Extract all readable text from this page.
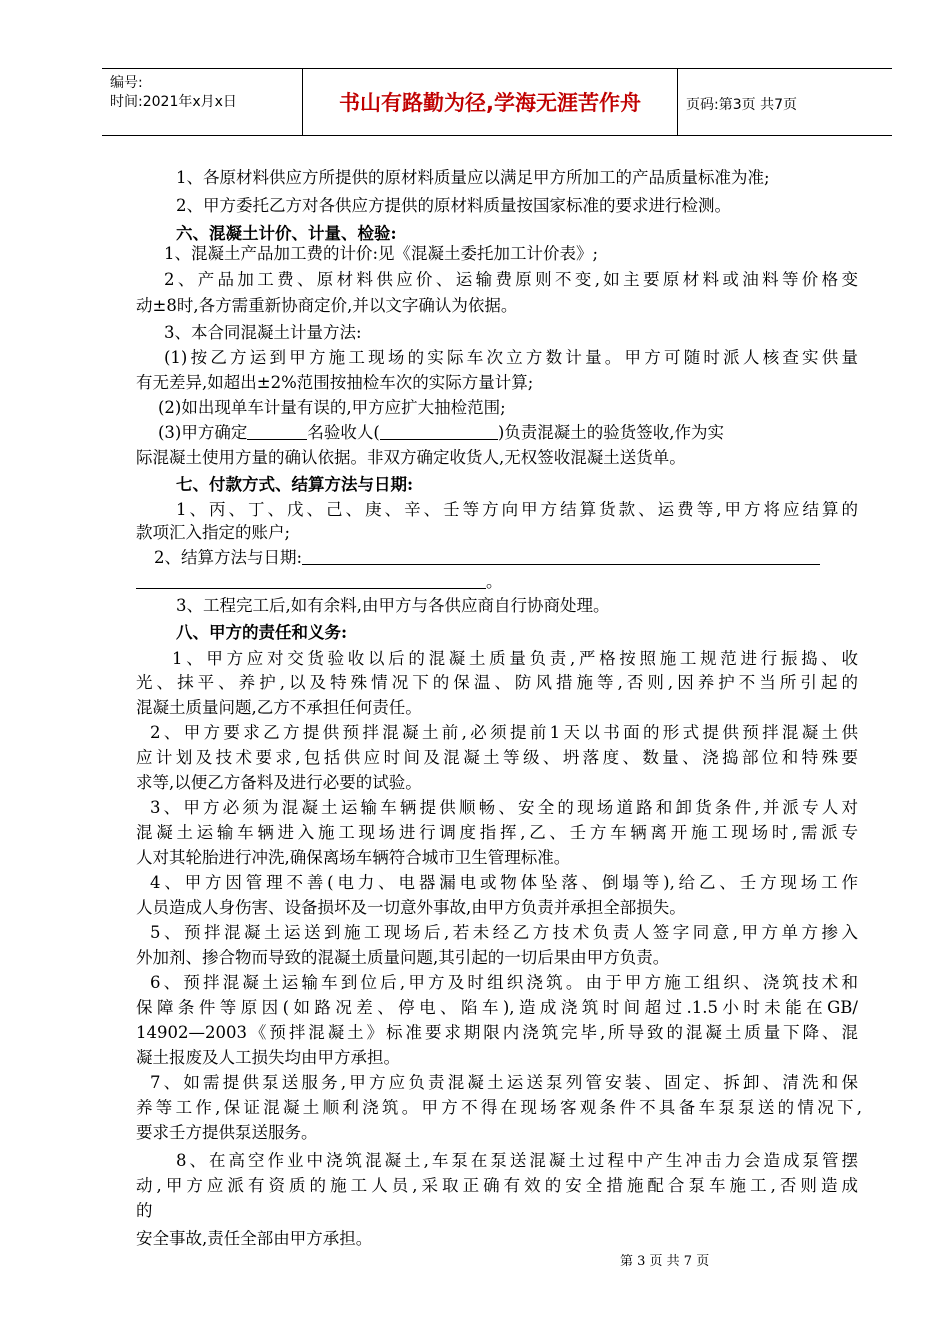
编号:
时间:2021年x月x日	书山有路勤为径,学海无涯苦作舟	页码:第3页 共7页
1、各原材料供应方所提供的原材料质量应以满足甲方所加工的产品质量标准为准;
2、甲方委托乙方对各供应方提供的原材料质量按国家标准的要求进行检测。
六、混凝土计价、计量、检验:
1、混凝土产品加工费的计价:见《混凝土委托加工计价表》;
2、产品加工费、原材料供应价、运输费原则不变,如主要原材料或油料等价格变
动±8时,各方需重新协商定价,并以文字确认为依据。
3、本合同混凝土计量方法:
(1)按乙方运到甲方施工现场的实际车次立方数计量。甲方可随时派人核查实供量
有无差异,如超出±2%范围按抽检车次的实际方量计算;
(2)如出现单车计量有误的,甲方应扩大抽检范围;
(3)甲方确定	名验收人(	)负责混凝土的验货签收,作为实
际混凝土使用方量的确认依据。非双方确定收货人,无权签收混凝土送货单。
七、付款方式、结算方法与日期:
1、丙、丁、戊、己、庚、辛、壬等方向甲方结算货款、运费等,甲方将应结算的
款项汇入指定的账户;
2、结算方法与日期:
。
3、工程完工后,如有余料,由甲方与各供应商自行协商处理。
八、甲方的责任和义务:
1、甲方应对交货验收以后的混凝土质量负责,严格按照施工规范进行振捣、收
光、抹平、养护,以及特殊情况下的保温、防风措施等,否则,因养护不当所引起的
混凝土质量问题,乙方不承担任何责任。
2、甲方要求乙方提供预拌混凝土前,必须提前1天以书面的形式提供预拌混凝土供
应计划及技术要求,包括供应时间及混凝土等级、坍落度、数量、浇捣部位和特殊要
求等,以便乙方备料及进行必要的试验。
3、甲方必须为混凝土运输车辆提供顺畅、安全的现场道路和卸货条件,并派专人对
混凝土运输车辆进入施工现场进行调度指挥,乙、壬方车辆离开施工现场时,需派专
人对其轮胎进行冲洗,确保离场车辆符合城市卫生管理标准。
4、甲方因管理不善(电力、电器漏电或物体坠落、倒塌等),给乙、壬方现场工作
人员造成人身伤害、设备损坏及一切意外事故,由甲方负责并承担全部损失。
5、预拌混凝土运送到施工现场后,若未经乙方技术负责人签字同意,甲方单方掺入
外加剂、掺合物而导致的混凝土质量问题,其引起的一切后果由甲方负责。
6、预拌混凝土运输车到位后,甲方及时组织浇筑。由于甲方施工组织、浇筑技术和
保障条件等原因(如路况差、停电、陷车),造成浇筑时间超过.1.5小时未能在GB/
14902—2003《预拌混凝土》标准要求期限内浇筑完毕,所导致的混凝土质量下降、混
凝土报废及人工损失均由甲方承担。
7、如需提供泵送服务,甲方应负责混凝土运送泵列管安装、固定、拆卸、清洗和保
养等工作,保证混凝土顺利浇筑。甲方不得在现场客观条件不具备车泵泵送的情况下,
要求壬方提供泵送服务。
8、在高空作业中浇筑混凝土,车泵在泵送混凝土过程中产生冲击力会造成泵管摆
动,甲方应派有资质的施工人员,采取正确有效的安全措施配合泵车施工,否则造成
的
安全事故,责任全部由甲方承担。
第 3 页 共 7 页
